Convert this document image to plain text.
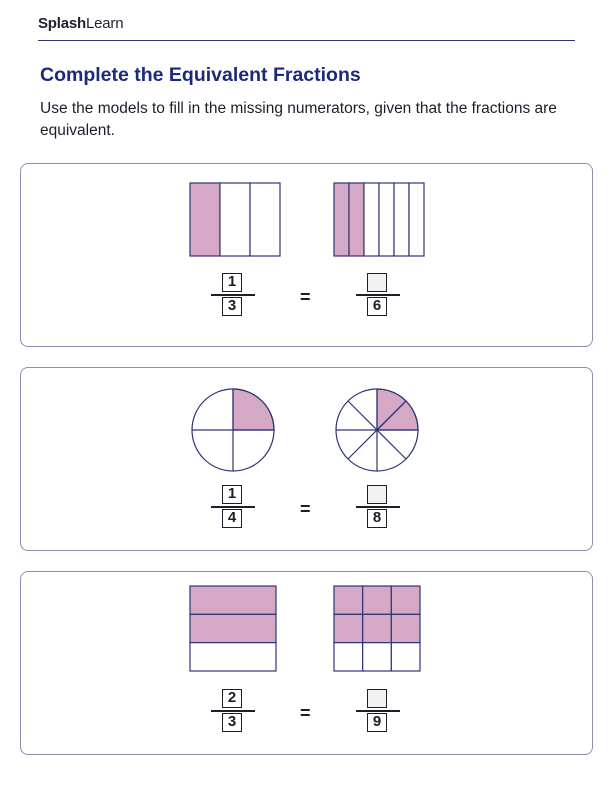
SplashLearn
Complete the Equivalent Fractions

Use the models to fill in the missing numerators, given that the fractions are equivalent.

$\frac{1}{3}$
=	6
$\frac{1}{4}$
=	8
$\frac{2}{3}$
=	9
